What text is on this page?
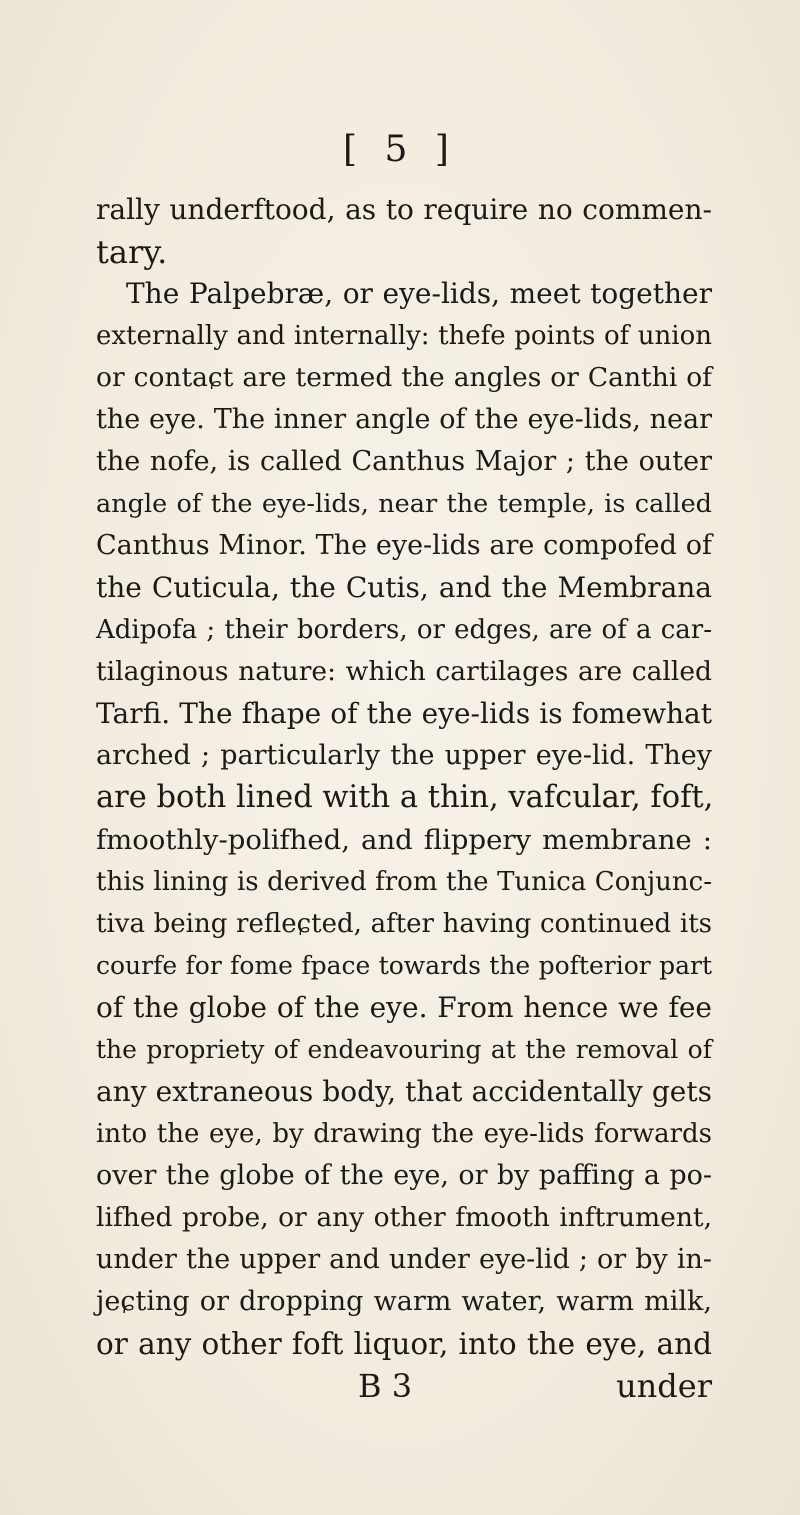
[ 5 ]
rally underftood, as to require no commen-
tary.
The Palpebræ, or eye-lids, meet together
externally and internally: thefe points of union
or contaɕt are termed the angles or Canthi of
the eye. The inner angle of the eye-lids, near
the nofe, is called Canthus Major ; the outer
angle of the eye-lids, near the temple, is called
Canthus Minor. The eye-lids are compofed of
the Cuticula, the Cutis, and the Membrana
Adipofa ; their borders, or edges, are of a car-
tilaginous nature: which cartilages are called
Tarfi. The fhape of the eye-lids is fomewhat
arched ; particularly the upper eye-lid. They
are both lined with a thin, vafcular, foft,
fmoothly-polifhed, and flippery membrane :
this lining is derived from the Tunica Conjunc-
tiva being refleɕted, after having continued its
courfe for fome fpace towards the pofterior part
of the globe of the eye. From hence we fee
the propriety of endeavouring at the removal of
any extraneous body, that accidentally gets
into the eye, by drawing the eye-lids forwards
over the globe of the eye, or by paffing a po-
lifhed probe, or any other fmooth inftrument,
under the upper and under eye-lid ; or by in-
jeɕting or dropping warm water, warm milk,
or any other foft liquor, into the eye, and
B 3	under
